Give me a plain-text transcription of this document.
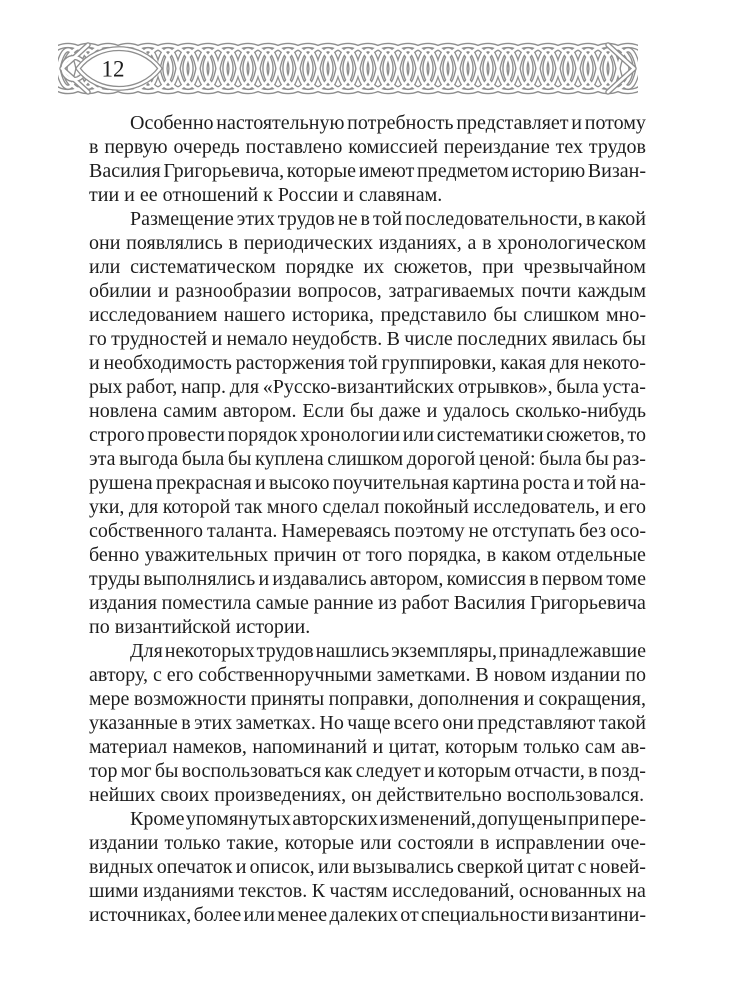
12
Особенно настоятельную потребность представляет и потому
в первую очередь поставлено комиссией переиздание тех трудов
Василия Григорьевича, которые имеют предметом историю Визан-
тии и ее отношений к России и славянам.
Размещение этих трудов не в той последовательности, в какой
они появлялись в периодических изданиях, а в хронологическом
или систематическом порядке их сюжетов, при чрезвычайном
обилии и разнообразии вопросов, затрагиваемых почти каждым
исследованием нашего историка, представило бы слишком мно-
го трудностей и немало неудобств. В числе последних явилась бы
и необходимость расторжения той группировки, какая для некото-
рых работ, напр. для «Русско-византийских отрывков», была уста-
новлена самим автором. Если бы даже и удалось сколько-нибудь
строго провести порядок хронологии или систематики сюжетов, то
эта выгода была бы куплена слишком дорогой ценой: была бы раз-
рушена прекрасная и высоко поучительная картина роста и той на-
уки, для которой так много сделал покойный исследователь, и его
собственного таланта. Намереваясь поэтому не отступать без осо-
бенно уважительных причин от того порядка, в каком отдельные
труды выполнялись и издавались автором, комиссия в первом томе
издания поместила самые ранние из работ Василия Григорьевича
по византийской истории.
Для некоторых трудов нашлись экземпляры, принадлежавшие
автору, с его собственноручными заметками. В новом издании по
мере возможности приняты поправки, дополнения и сокращения,
указанные в этих заметках. Но чаще всего они представляют такой
материал намеков, напоминаний и цитат, которым только сам ав-
тор мог бы воспользоваться как следует и которым отчасти, в позд-
нейших своих произведениях, он действительно воспользовался.
Кроме упомянутых авторских изменений, допущены при пере-
издании только такие, которые или состояли в исправлении оче-
видных опечаток и описок, или вызывались сверкой цитат с новей-
шими изданиями текстов. К частям исследований, основанных на
источниках, более или менее далеких от специальности византини-
